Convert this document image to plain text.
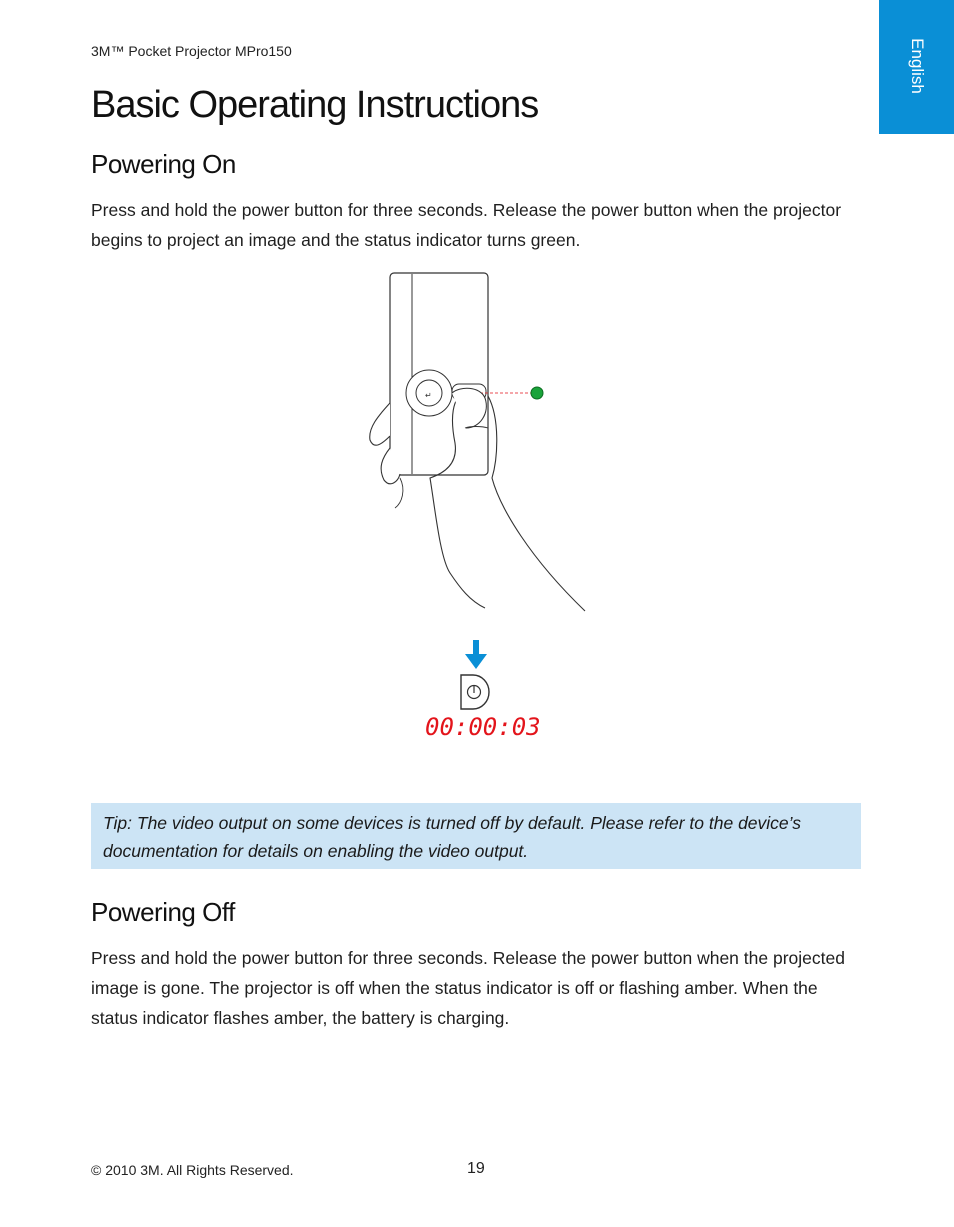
3M™ Pocket Projector MPro150	English
Basic Operating Instructions
Powering On

Press and hold the power button for three seconds. Release the power button when the projector begins to project an image and the status indicator turns green.

↵
00:00:03

Tip: The video output on some devices is turned off by default. Please refer to the device’s documentation for details on enabling the video output.

Powering Off

Press and hold the power button for three seconds. Release the power button when the projected image is gone. The projector is off when the status indicator is off or flashing amber. When the status indicator flashes amber, the battery is charging.

© 2010 3M. All Rights Reserved.	19
